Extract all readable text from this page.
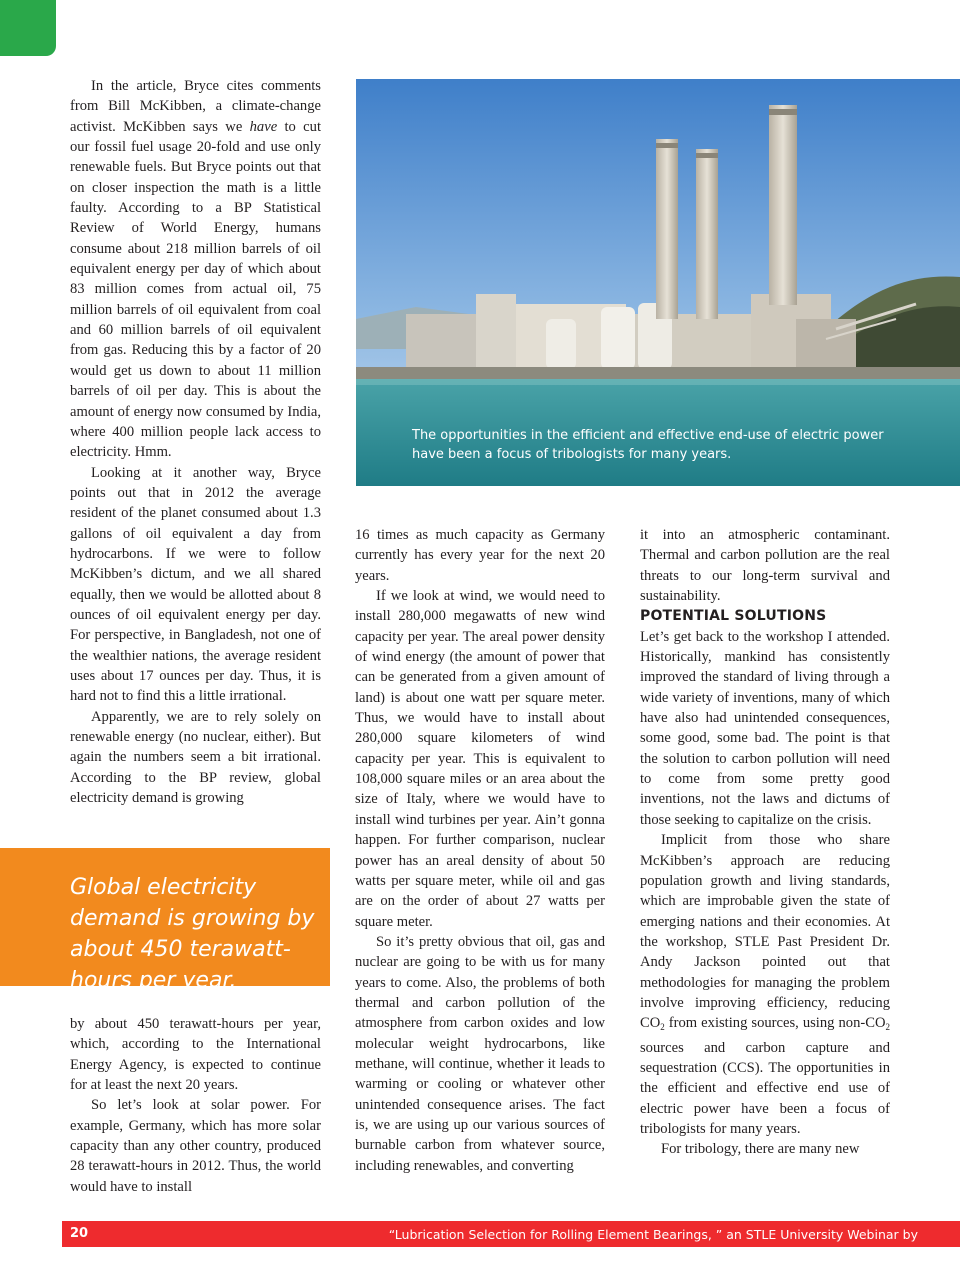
In the article, Bryce cites comments from Bill McKibben, a climate-change activist. McKibben says we have to cut our fossil fuel usage 20-fold and use only renewable fuels. But Bryce points out that on closer inspection the math is a little faulty. According to a BP Statistical Review of World Energy, humans consume about 218 million barrels of oil equivalent energy per day of which about 83 million comes from actual oil, 75 million barrels of oil equivalent from coal and 60 million barrels of oil equivalent from gas. Reducing this by a factor of 20 would get us down to about 11 million barrels of oil per day. This is about the amount of energy now consumed by India, where 400 million people lack access to electricity. Hmm.

Looking at it another way, Bryce points out that in 2012 the average resident of the planet consumed about 1.3 gallons of oil equivalent a day from hydrocarbons. If we were to follow McKibben’s dictum, and we all shared equally, then we would be allotted about 8 ounces of oil equivalent energy per day. For perspective, in Bangladesh, not one of the wealthier nations, the average resident uses about 17 ounces per day. Thus, it is hard not to find this a little irrational.

Apparently, we are to rely solely on renewable energy (no nuclear, either). But again the numbers seem a bit irrational. According to the BP review, global electricity demand is growing

Global electricity demand is growing by about 450 terawatt-hours per year.

by about 450 terawatt-hours per year, which, according to the International Energy Agency, is expected to continue for at least the next 20 years.

So let’s look at solar power. For example, Germany, which has more solar capacity than any other country, produced 28 terawatt-hours in 2012. Thus, the world would have to install

The opportunities in the efficient and effective end-use of electric power have been a focus of tribologists for many years.

16 times as much capacity as Germany currently has every year for the next 20 years.

If we look at wind, we would need to install 280,000 megawatts of new wind capacity per year. The areal power density of wind energy (the amount of power that can be generated from a given amount of land) is about one watt per square meter. Thus, we would have to install about 280,000 square kilometers of wind capacity per year. This is equivalent to 108,000 square miles or an area about the size of Italy, where we would have to install wind turbines per year. Ain’t gonna happen. For further comparison, nuclear power has an areal density of about 50 watts per square meter, while oil and gas are on the order of about 27 watts per square meter.

So it’s pretty obvious that oil, gas and nuclear are going to be with us for many years to come. Also, the problems of both thermal and carbon pollution of the atmosphere from carbon oxides and low molecular weight hydrocarbons, like methane, will continue, whether it leads to warming or cooling or whatever other unintended consequence arises. The fact is, we are using up our various sources of burnable carbon from whatever source, including renewables, and converting

it into an atmospheric contaminant. Thermal and carbon pollution are the real threats to our long-term survival and sustainability.

POTENTIAL SOLUTIONS

Let’s get back to the workshop I attended. Historically, mankind has consistently improved the standard of living through a wide variety of inventions, many of which have also had unintended consequences, some good, some bad. The point is that the solution to carbon pollution will need to come from some pretty good inventions, not the laws and dictums of those seeking to capitalize on the crisis.

Implicit from those who share McKibben’s approach are reducing population growth and living standards, which are improbable given the state of emerging nations and their economies. At the workshop, STLE Past President Dr. Andy Jackson pointed out that methodologies for managing the problem involve improving efficiency, reducing $CO_2$ from existing sources, using non-$CO_2$ sources and carbon capture and sequestration (CCS). The opportunities in the efficient and effective end use of electric power have been a focus of tribologists for many years.

For tribology, there are many new

20	“Lubrication Selection for Rolling Element Bearings, ” an STLE University Webinar by
